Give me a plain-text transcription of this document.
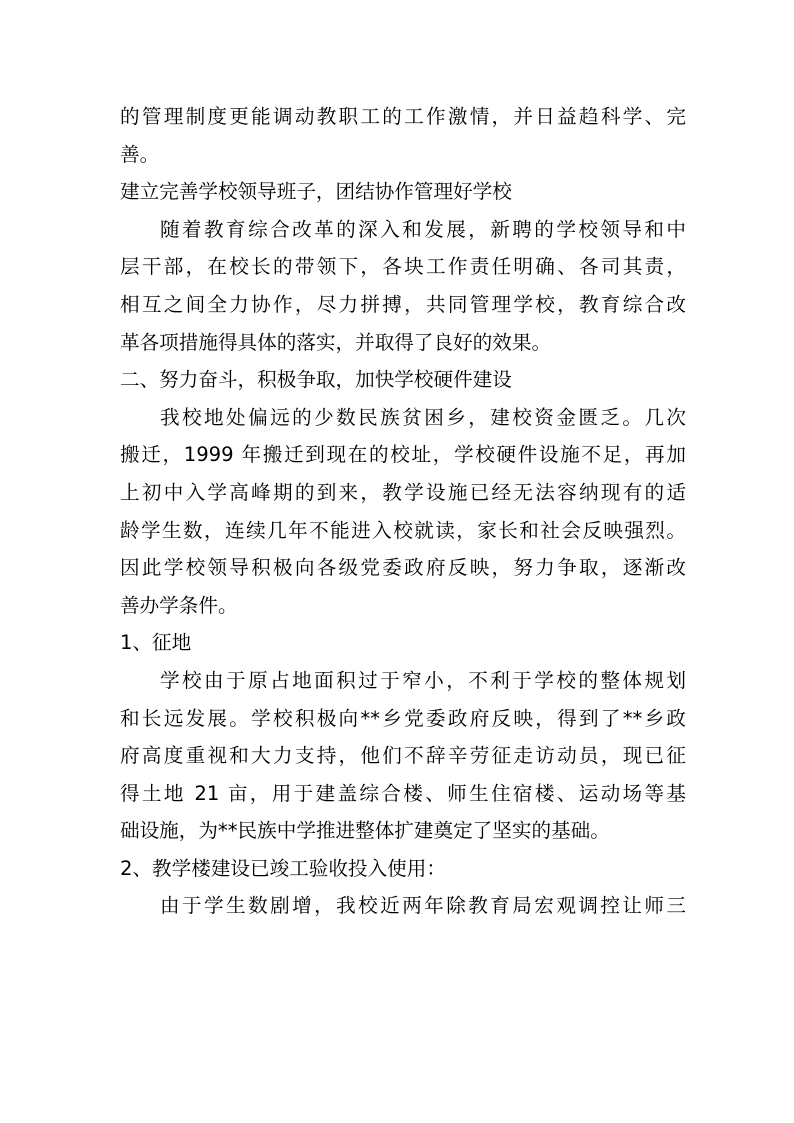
的管理制度更能调动教职工的工作激情，并日益趋科学、完
善。
建立完善学校领导班子，团结协作管理好学校
随着教育综合改革的深入和发展，新聘的学校领导和中
层干部，在校长的带领下，各块工作责任明确、各司其责，
相互之间全力协作，尽力拼搏，共同管理学校，教育综合改
革各项措施得具体的落实，并取得了良好的效果。
二、努力奋斗，积极争取，加快学校硬件建设
我校地处偏远的少数民族贫困乡，建校资金匮乏。几次
搬迁，1999 年搬迁到现在的校址，学校硬件设施不足，再加
上初中入学高峰期的到来，教学设施已经无法容纳现有的适
龄学生数，连续几年不能进入校就读，家长和社会反映强烈。
因此学校领导积极向各级党委政府反映，努力争取，逐渐改
善办学条件。
1、征地
学校由于原占地面积过于窄小，不利于学校的整体规划
和长远发展。学校积极向**乡党委政府反映，得到了**乡政
府高度重视和大力支持，他们不辞辛劳征走访动员，现已征
得土地 21 亩，用于建盖综合楼、师生住宿楼、运动场等基
础设施，为**民族中学推进整体扩建奠定了坚实的基础。
2、教学楼建设已竣工验收投入使用：
由于学生数剧增，我校近两年除教育局宏观调控让师三
